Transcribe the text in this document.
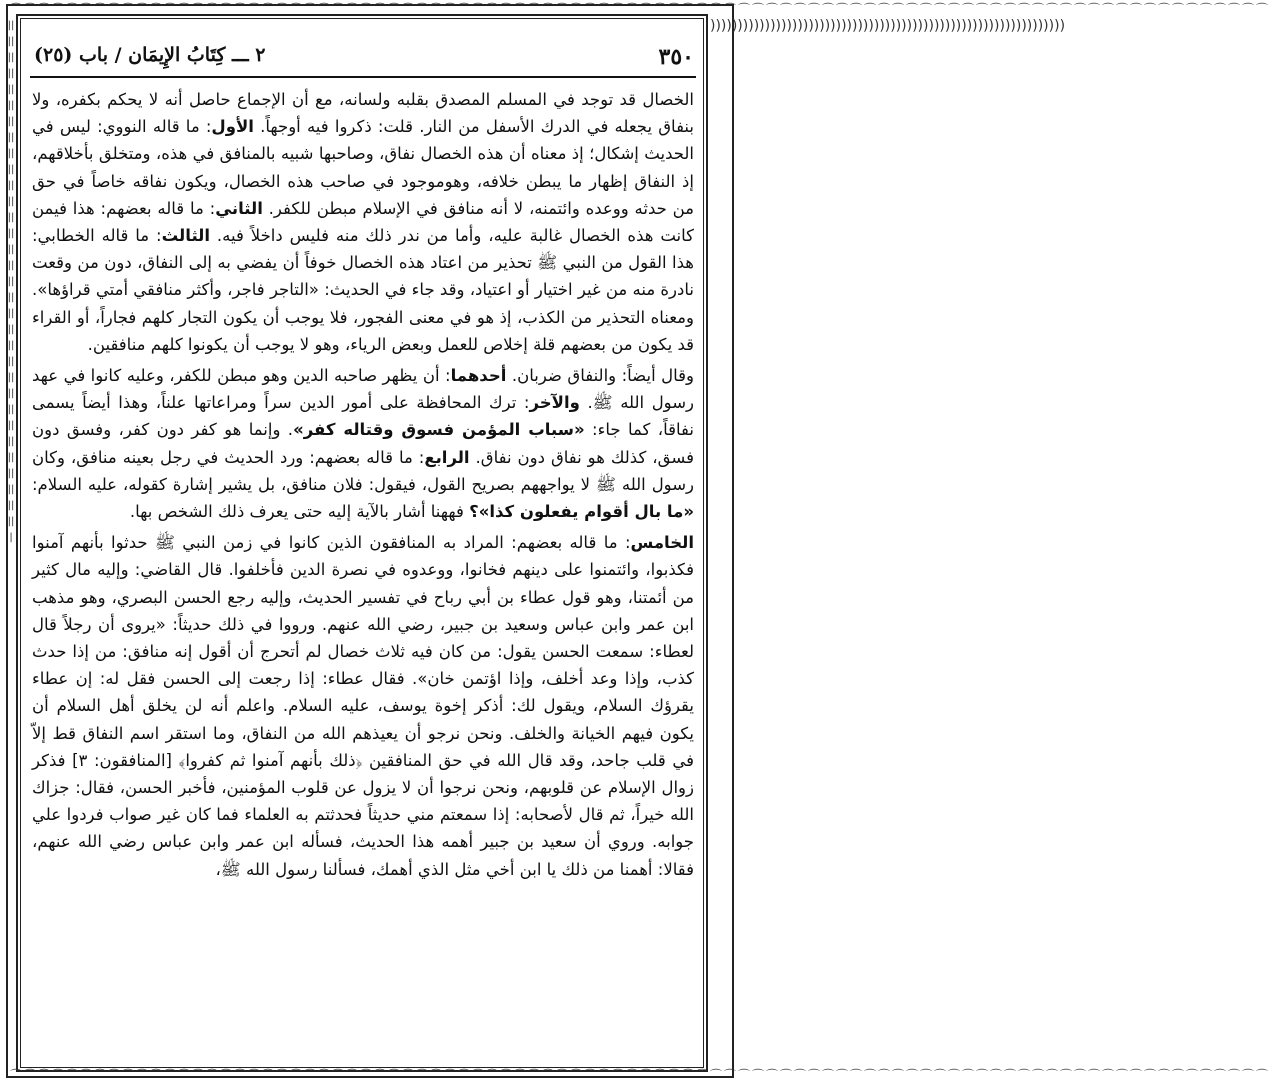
⌒⌒⌒⌒⌒⌒⌒⌒⌒⌒⌒⌒⌒⌒⌒⌒⌒⌒⌒⌒⌒⌒⌒⌒⌒⌒⌒⌒⌒⌒⌒⌒⌒⌒⌒⌒⌒⌒⌒⌒⌒⌒⌒⌒⌒⌒⌒⌒⌒⌒⌒⌒⌒⌒⌒⌒⌒⌒⌒⌒⌒⌒⌒⌒⌒⌒⌒⌒⌒⌒⌒⌒⌒⌒⌒⌒⌒⌒⌒⌒⌒⌒⌒⌒⌒⌒⌒⌒⌒⌒
⌒⌒⌒⌒⌒⌒⌒⌒⌒⌒⌒⌒⌒⌒⌒⌒⌒⌒⌒⌒⌒⌒⌒⌒⌒⌒⌒⌒⌒⌒⌒⌒⌒⌒⌒⌒⌒⌒⌒⌒⌒⌒⌒⌒⌒⌒⌒⌒⌒⌒⌒⌒⌒⌒⌒⌒⌒⌒⌒⌒⌒⌒⌒⌒⌒⌒⌒⌒⌒⌒⌒⌒⌒⌒⌒⌒⌒⌒⌒⌒⌒⌒⌒⌒⌒⌒⌒⌒⌒⌒
)))))))))))))))))))))))))))))))))))))))))))))))))))))))))))))))))
|||||||||||||||||||||||||||||||||||||||||||||||||||||||||||||||||
٣٥٠
٢ ـــ كِتَابُ الإِيمَان / باب (٢٥)

الخصال قد توجد في المسلم المصدق بقلبه ولسانه، مع أن الإجماع حاصل أنه لا يحكم بكفره، ولا بنفاق يجعله في الدرك الأسفل من النار. قلت: ذكروا فيه أوجهاً. الأول: ما قاله النووي: ليس في الحديث إشكال؛ إذ معناه أن هذه الخصال نفاق، وصاحبها شبيه بالمنافق في هذه، ومتخلق بأخلاقهم، إذ النفاق إظهار ما يبطن خلافه، وهوموجود في صاحب هذه الخصال، ويكون نفاقه خاصاً في حق من حدثه ووعده وائتمنه، لا أنه منافق في الإسلام مبطن للكفر. الثاني: ما قاله بعضهم: هذا فيمن كانت هذه الخصال غالبة عليه، وأما من ندر ذلك منه فليس داخلاً فيه. الثالث: ما قاله الخطابي: هذا القول من النبي ﷺ تحذير من اعتاد هذه الخصال خوفاً أن يفضي به إلى النفاق، دون من وقعت نادرة منه من غير اختيار أو اعتياد، وقد جاء في الحديث: «التاجر فاجر، وأكثر منافقي أمتي قراؤها». ومعناه التحذير من الكذب، إذ هو في معنى الفجور، فلا يوجب أن يكون التجار كلهم فجاراً، أو القراء قد يكون من بعضهم قلة إخلاص للعمل وبعض الرياء، وهو لا يوجب أن يكونوا كلهم منافقين.

وقال أيضاً: والنفاق ضربان. أحدهما: أن يظهر صاحبه الدين وهو مبطن للكفر، وعليه كانوا في عهد رسول الله ﷺ. والآخر: ترك المحافظة على أمور الدين سراً ومراعاتها علناً، وهذا أيضاً يسمى نفاقاً، كما جاء: «سباب المؤمن فسوق وقتاله كفر». وإنما هو كفر دون كفر، وفسق دون فسق، كذلك هو نفاق دون نفاق. الرابع: ما قاله بعضهم: ورد الحديث في رجل بعينه منافق، وكان رسول الله ﷺ لا يواجههم بصريح القول، فيقول: فلان منافق، بل يشير إشارة كقوله، عليه السلام: «ما بال أقوام يفعلون كذا»؟ فههنا أشار بالآية إليه حتى يعرف ذلك الشخص بها.

الخامس: ما قاله بعضهم: المراد به المنافقون الذين كانوا في زمن النبي ﷺ حدثوا بأنهم آمنوا فكذبوا، وائتمنوا على دينهم فخانوا، ووعدوه في نصرة الدين فأخلفوا. قال القاضي: وإليه مال كثير من أئمتنا، وهو قول عطاء بن أبي رباح في تفسير الحديث، وإليه رجع الحسن البصري، وهو مذهب ابن عمر وابن عباس وسعيد بن جبير، رضي الله عنهم. ورووا في ذلك حديثاً: «يروى أن رجلاً قال لعطاء: سمعت الحسن يقول: من كان فيه ثلاث خصال لم أتحرج أن أقول إنه منافق: من إذا حدث كذب، وإذا وعد أخلف، وإذا اؤتمن خان». فقال عطاء: إذا رجعت إلى الحسن فقل له: إن عطاء يقرؤك السلام، ويقول لك: أذكر إخوة يوسف، عليه السلام. واعلم أنه لن يخلق أهل السلام أن يكون فيهم الخيانة والخلف. ونحن نرجو أن يعيذهم الله من النفاق، وما استقر اسم النفاق قط إلاّ في قلب جاحد، وقد قال الله في حق المنافقين ﴿ذلك بأنهم آمنوا ثم كفروا﴾ [المنافقون: ٣] فذكر زوال الإسلام عن قلوبهم، ونحن نرجوا أن لا يزول عن قلوب المؤمنين، فأخبر الحسن، فقال: جزاك الله خيراً، ثم قال لأصحابه: إذا سمعتم مني حديثاً فحدثتم به العلماء فما كان غير صواب فردوا علي جوابه. وروي أن سعيد بن جبير أهمه هذا الحديث، فسأله ابن عمر وابن عباس رضي الله عنهم، فقالا: أهمنا من ذلك يا ابن أخي مثل الذي أهمك، فسألنا رسول الله ﷺ،
